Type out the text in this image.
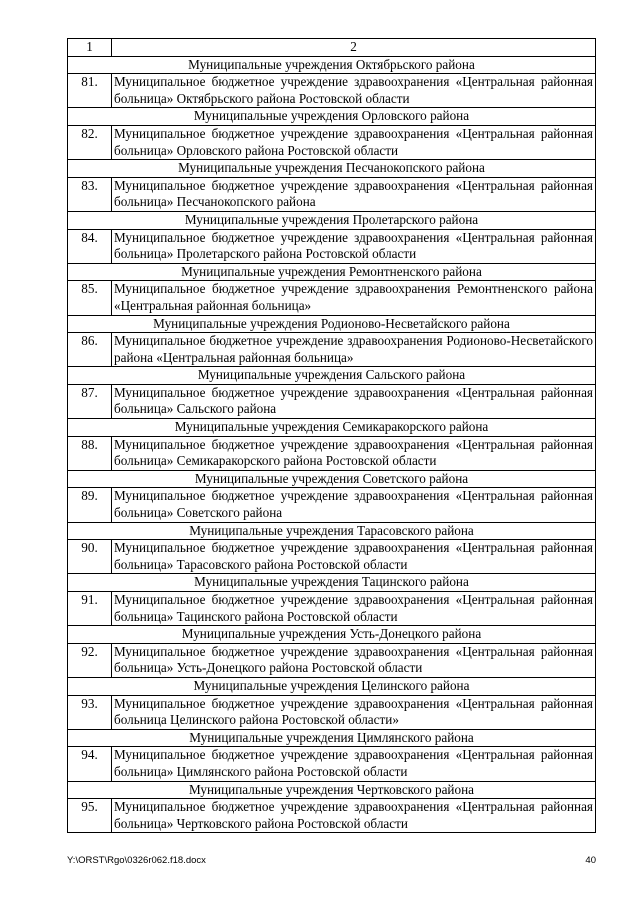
1	2
Муниципальные учреждения Октябрьского района	
81.	Муниципальное бюджетное учреждение здравоохранения «Центральная районная больница» Октябрьского района Ростовской области
Муниципальные учреждения Орловского района	
82.	Муниципальное бюджетное учреждение здравоохранения «Центральная районная больница» Орловского района Ростовской области
Муниципальные учреждения Песчанокопского района	
83.	Муниципальное бюджетное учреждение здравоохранения «Центральная районная больница» Песчанокопского района
Муниципальные учреждения Пролетарского района	
84.	Муниципальное бюджетное учреждение здравоохранения «Центральная районная больница» Пролетарского района Ростовской области
Муниципальные учреждения Ремонтненского района	
85.	Муниципальное бюджетное учреждение здравоохранения Ремонтненского района «Центральная районная больница»
Муниципальные учреждения Родионово-Несветайского района	
86.	Муниципальное бюджетное учреждение здравоохранения Родионово-Несветайского района «Центральная районная больница»
Муниципальные учреждения Сальского района	
87.	Муниципальное бюджетное учреждение здравоохранения «Центральная районная больница» Сальского района
Муниципальные учреждения Семикаракорского района	
88.	Муниципальное бюджетное учреждение здравоохранения «Центральная районная больница» Семикаракорского района Ростовской области
Муниципальные учреждения Советского района	
89.	Муниципальное бюджетное учреждение здравоохранения «Центральная районная больница» Советского района
Муниципальные учреждения Тарасовского района	
90.	Муниципальное бюджетное учреждение здравоохранения «Центральная районная больница» Тарасовского района Ростовской области
Муниципальные учреждения Тацинского района	
91.	Муниципальное бюджетное учреждение здравоохранения «Центральная районная больница» Тацинского района Ростовской области
Муниципальные учреждения Усть-Донецкого района	
92.	Муниципальное бюджетное учреждение здравоохранения «Центральная районная больница» Усть-Донецкого района Ростовской области
Муниципальные учреждения Целинского района	
93.	Муниципальное бюджетное учреждение здравоохранения «Центральная районная больница Целинского района Ростовской области»
Муниципальные учреждения Цимлянского района	
94.	Муниципальное бюджетное учреждение здравоохранения «Центральная районная больница» Цимлянского района Ростовской области
Муниципальные учреждения Чертковского района	
95.	Муниципальное бюджетное учреждение здравоохранения «Центральная районная больница» Чертковского района Ростовской области
Y:\ORST\Rgo\0326r062.f18.docx	40
